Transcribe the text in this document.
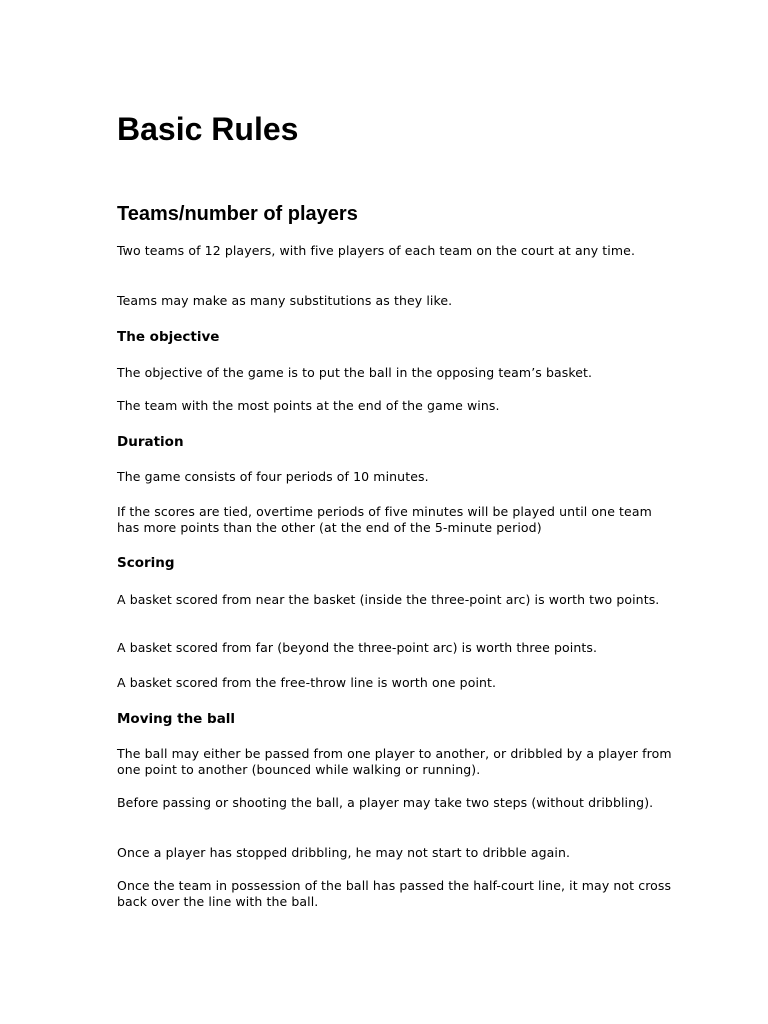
Basic Rules
Teams/number of players

Two teams of 12 players, with five players of each team on the court at any time.

Teams may make as many substitutions as they like.

The objective

The objective of the game is to put the ball in the opposing team’s basket.

The team with the most points at the end of the game wins.

Duration

The game consists of four periods of 10 minutes.

If the scores are tied, overtime periods of five minutes will be played until one team has more points than the other (at the end of the 5-minute period)

Scoring

A basket scored from near the basket (inside the three-point arc) is worth two points.

A basket scored from far (beyond the three-point arc) is worth three points.

A basket scored from the free-throw line is worth one point.

Moving the ball

The ball may either be passed from one player to another, or dribbled by a player from one point to another (bounced while walking or running).

Before passing or shooting the ball, a player may take two steps (without dribbling).

Once a player has stopped dribbling, he may not start to dribble again.

Once the team in possession of the ball has passed the half-court line, it may not cross back over the line with the ball.
